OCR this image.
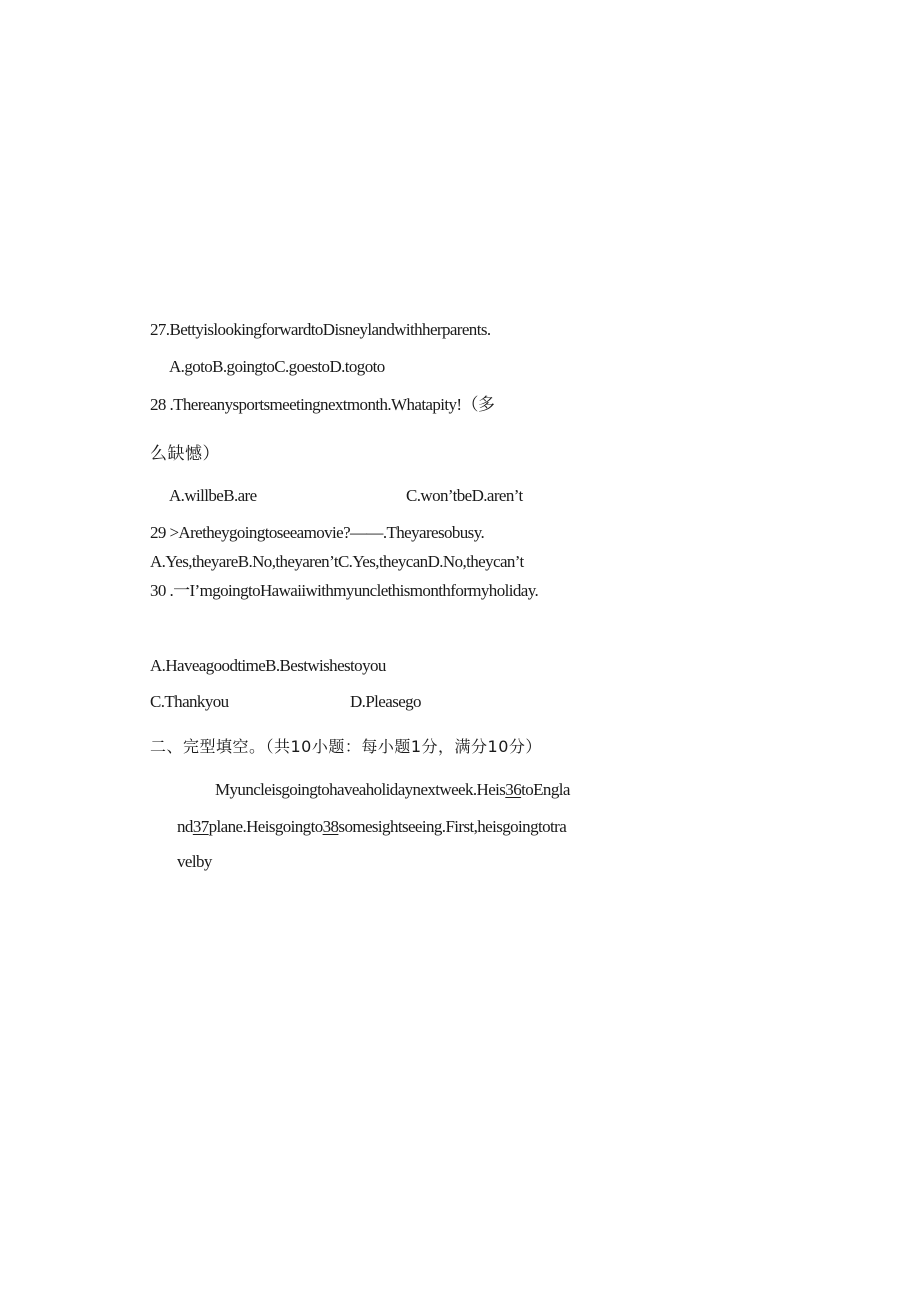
27.BettyislookingforwardtoDisneylandwithherparents.
A.gotoB.goingtoC.goestoD.togoto
28 .Thereanysportsmeetingnextmonth.Whatapity!（多
么缺憾）
A.willbeB.are	C.won’tbeD.aren’t
29 >Aretheygoingtoseeamovie?——.Theyaresobusy.
A.Yes,theyareB.No,theyaren’tC.Yes,theycanD.No,theycan’t
30 .一I’mgoingtoHawaiiwithmyunclethismonthformyholiday.
A.HaveagoodtimeB.Bestwishestoyou
C.Thankyou	D.Pleasego
二、完型填空。（共10小题：每小题1分，满分10分）
Myuncleisgoingtohaveaholidaynextweek.Heis36toEngla
nd37plane.Heisgoingto38somesightseeing.First,heisgoingtotra
velby
